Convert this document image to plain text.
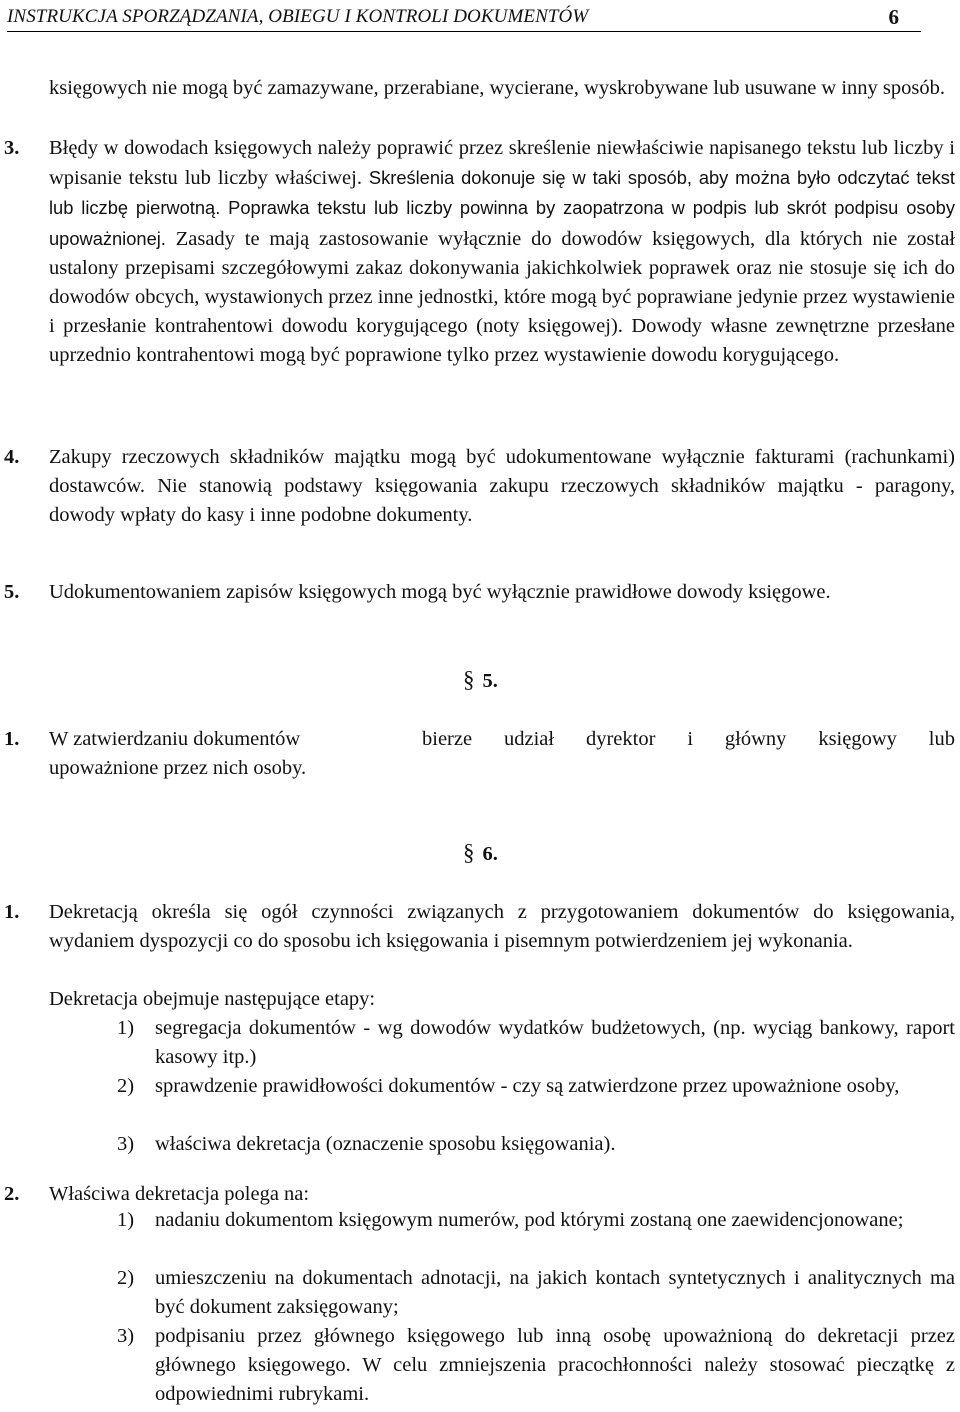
INSTRUKCJA SPORZĄDZANIA, OBIEGU I KONTROLI DOKUMENTÓW	6
księgowych nie mogą być zamazywane, przerabiane, wycierane, wyskrobywane lub usuwane w inny sposób.
3. Błędy w dowodach księgowych należy poprawić przez skreślenie niewłaściwie napisanego tekstu lub liczby i wpisanie tekstu lub liczby właściwej. Skreślenia dokonuje się w taki sposób, aby można było odczytać tekst lub liczbę pierwotną. Poprawka tekstu lub liczby powinna by zaopatrzona w podpis lub skrót podpisu osoby upoważnionej. Zasady te mają zastosowanie wyłącznie do dowodów księgowych, dla których nie został ustalony przepisami szczegółowymi zakaz dokonywania jakichkolwiek poprawek oraz nie stosuje się ich do dowodów obcych, wystawionych przez inne jednostki, które mogą być poprawiane jedynie przez wystawienie i przesłanie kontrahentowi dowodu korygującego (noty księgowej). Dowody własne zewnętrzne przesłane uprzednio kontrahentowi mogą być poprawione tylko przez wystawienie dowodu korygującego.
4. Zakupy rzeczowych składników majątku mogą być udokumentowane wyłącznie fakturami (rachunkami) dostawców. Nie stanowią podstawy księgowania zakupu rzeczowych składników majątku - paragony, dowody wpłaty do kasy i inne podobne dokumenty.
5. Udokumentowaniem zapisów księgowych mogą być wyłącznie prawidłowe dowody księgowe.
§ 5.
1. W zatwierdzaniu dokumentów	bierze udział dyrektor i główny księgowy lub
upoważnione przez nich osoby.
§ 6.
1. Dekretacją określa się ogół czynności związanych z przygotowaniem dokumentów do księgowania, wydaniem dyspozycji co do sposobu ich księgowania i pisemnym potwierdzeniem jej wykonania.
Dekretacja obejmuje następujące etapy:
1) segregacja dokumentów - wg dowodów wydatków budżetowych, (np. wyciąg bankowy, raport kasowy itp.)
2) sprawdzenie prawidłowości dokumentów - czy są zatwierdzone przez upoważnione osoby,
3) właściwa dekretacja (oznaczenie sposobu księgowania).
2. Właściwa dekretacja polega na:
1) nadaniu dokumentom księgowym numerów, pod którymi zostaną one zaewidencjonowane;
2) umieszczeniu na dokumentach adnotacji, na jakich kontach syntetycznych i analitycznych ma być dokument zaksięgowany;
3) podpisaniu przez głównego księgowego lub inną osobę upoważnioną do dekretacji przez głównego księgowego. W celu zmniejszenia pracochłonności należy stosować pieczątkę z odpowiednimi rubrykami.
